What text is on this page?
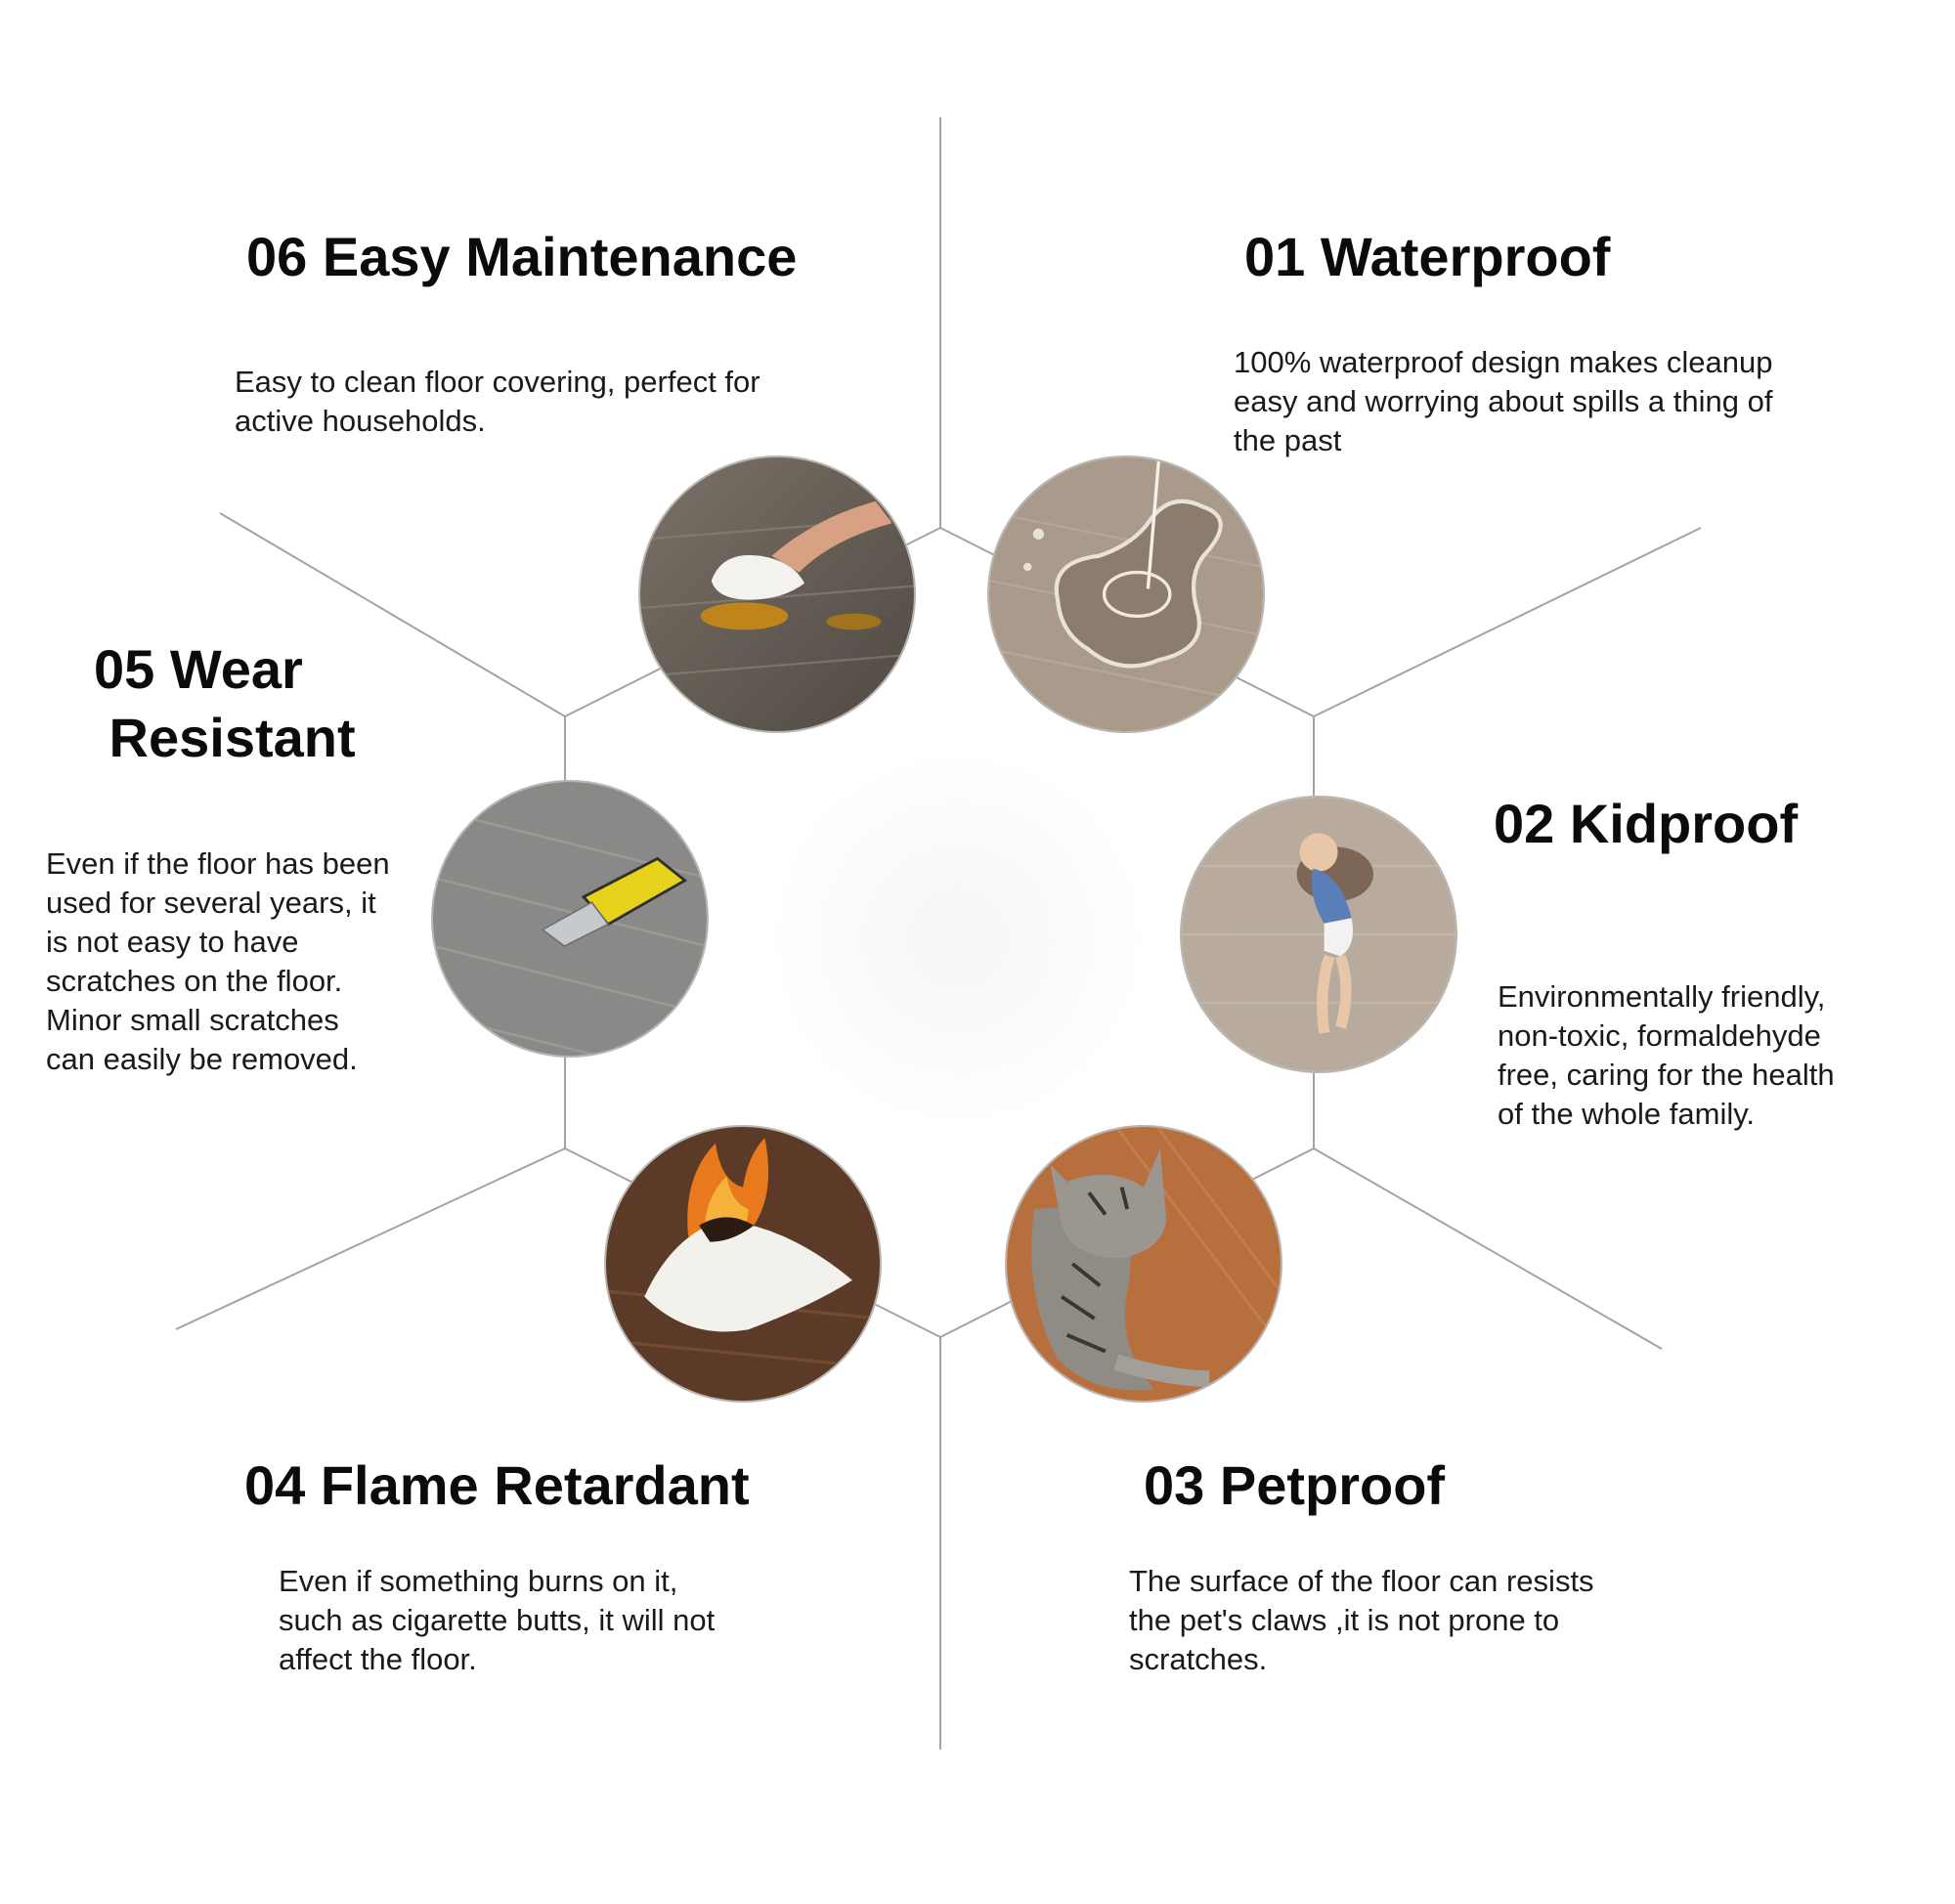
06 Easy Maintenance

Easy to clean floor covering, perfect for
active households.

01 Waterproof

100% waterproof design makes cleanup
easy and worrying about spills a thing of
the past

05 Wear
Resistant

Even if the floor has been
used for several years, it
is not easy to have
scratches on the floor.
Minor small scratches
can easily be removed.

02 Kidproof

Environmentally friendly,
non-toxic, formaldehyde
free, caring for the health
of the whole family.

04 Flame Retardant

Even if something burns on it,
such as cigarette butts, it will not
affect the floor.

03 Petproof

The surface of the floor can resists
the pet's claws ,it is not prone to
scratches.
